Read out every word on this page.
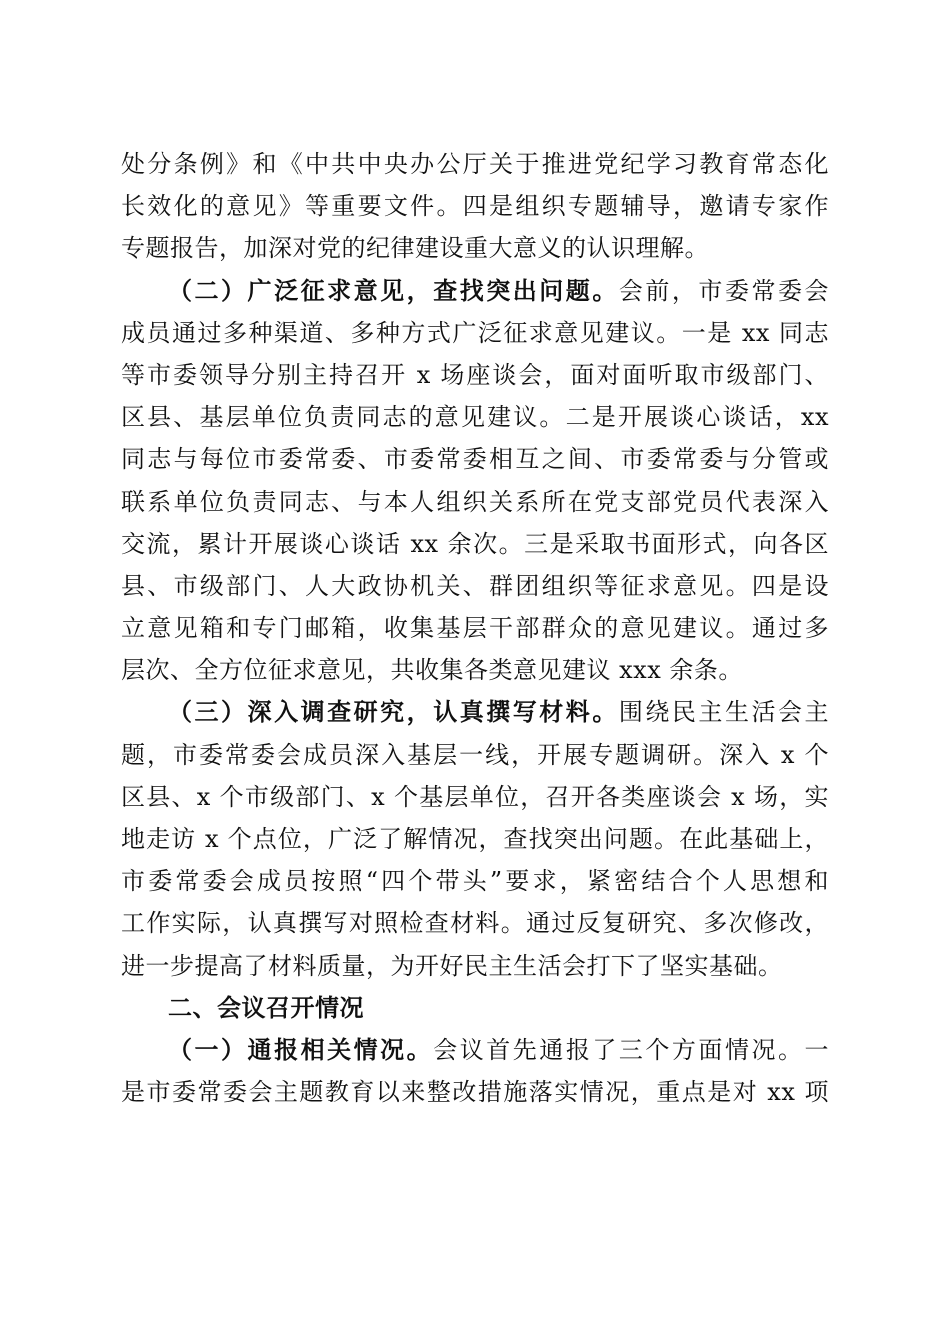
处分条例》和《中共中央办公厅关于推进党纪学习教育常态化
长效化的意见》等重要文件。四是组织专题辅导，邀请专家作
专题报告，加深对党的纪律建设重大意义的认识理解。
（二）广泛征求意见，查找突出问题。会前，市委常委会
成员通过多种渠道、多种方式广泛征求意见建议。一是 xx 同志
等市委领导分别主持召开 x 场座谈会，面对面听取市级部门、
区县、基层单位负责同志的意见建议。二是开展谈心谈话，xx
同志与每位市委常委、市委常委相互之间、市委常委与分管或
联系单位负责同志、与本人组织关系所在党支部党员代表深入
交流，累计开展谈心谈话 xx 余次。三是采取书面形式，向各区
县、市级部门、人大政协机关、群团组织等征求意见。四是设
立意见箱和专门邮箱，收集基层干部群众的意见建议。通过多
层次、全方位征求意见，共收集各类意见建议 xxx 余条。
（三）深入调查研究，认真撰写材料。围绕民主生活会主
题，市委常委会成员深入基层一线，开展专题调研。深入 x 个
区县、x 个市级部门、x 个基层单位，召开各类座谈会 x 场，实
地走访 x 个点位，广泛了解情况，查找突出问题。在此基础上，
市委常委会成员按照“四个带头”要求，紧密结合个人思想和
工作实际，认真撰写对照检查材料。通过反复研究、多次修改，
进一步提高了材料质量，为开好民主生活会打下了坚实基础。
二、会议召开情况
（一）通报相关情况。会议首先通报了三个方面情况。一
是市委常委会主题教育以来整改措施落实情况，重点是对 xx 项
